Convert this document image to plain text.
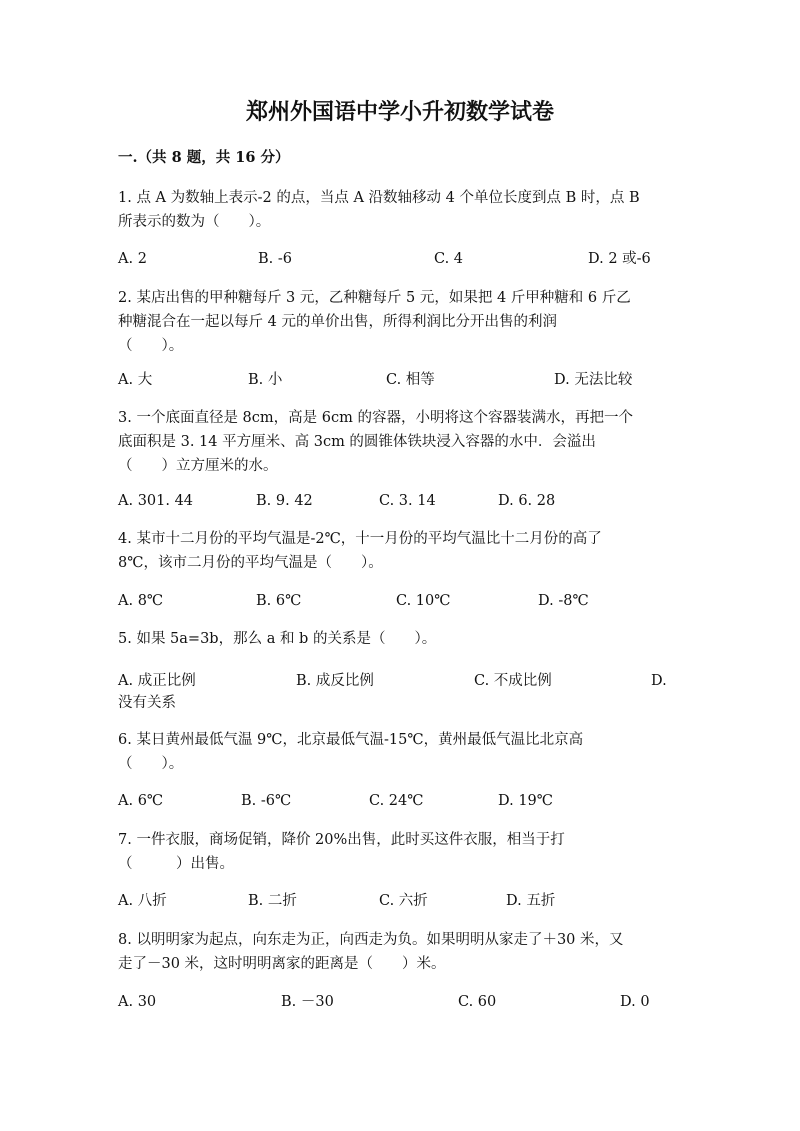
郑州外国语中学小升初数学试卷
一.（共 8 题，共 16 分）

1. 点 A 为数轴上表示-2 的点，当点 A 沿数轴移动 4 个单位长度到点 B 时，点 B

所表示的数为（　　）。

A. 2	B. -6	C. 4	D. 2 或-6

2. 某店出售的甲种糖每斤 3 元，乙种糖每斤 5 元，如果把 4 斤甲种糖和 6 斤乙

种糖混合在一起以每斤 4 元的单价出售，所得利润比分开出售的利润

（　　）。

A. 大	B. 小	C. 相等	D. 无法比较

3. 一个底面直径是 8cm，高是 6cm 的容器，小明将这个容器装满水，再把一个

底面积是 3. 14 平方厘米、高 3cm 的圆锥体铁块浸入容器的水中．会溢出

（　　）立方厘米的水。

A. 301. 44	B. 9. 42	C. 3. 14	D. 6. 28

4. 某市十二月份的平均气温是-2℃，十一月份的平均气温比十二月份的高了

8℃，该市二月份的平均气温是（　　）。

A. 8℃	B. 6℃	C. 10℃	D. -8℃

5. 如果 5a=3b，那么 a 和 b 的关系是（　　）。

A. 成正比例	B. 成反比例	C. 不成比例	D.
没有关系

6. 某日黄州最低气温 9℃，北京最低气温-15℃，黄州最低气温比北京高

（　　）。

A. 6℃	B. -6℃	C. 24℃	D. 19℃

7. 一件衣服，商场促销，降价 20%出售，此时买这件衣服，相当于打

（　　　）出售。

A. 八折	B. 二折	C. 六折	D. 五折

8. 以明明家为起点，向东走为正，向西走为负。如果明明从家走了＋30 米，又

走了－30 米，这时明明离家的距离是（　　）米。

A. 30	B. －30	C. 60	D. 0
